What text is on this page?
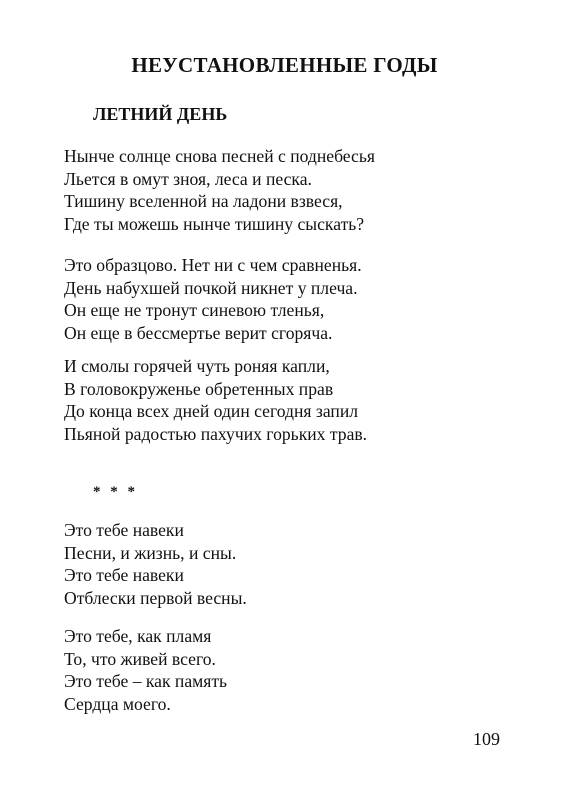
НЕУСТАНОВЛЕННЫЕ ГОДЫ
ЛЕТНИЙ ДЕНЬ
Нынче солнце снова песней с поднебесья
Льется в омут зноя, леса и песка.
Тишину вселенной на ладони взвеся,
Где ты можешь нынче тишину сыскать?
Это образцово. Нет ни с чем сравненья.
День набухшей почкой никнет у плеча.
Он еще не тронут синевою тленья,
Он еще в бессмертье верит сгоряча.
И смолы горячей чуть роняя капли,
В головокруженье обретенных прав
До конца всех дней один сегодня запил
Пьяной радостью пахучих горьких трав.

* * *

Это тебе навеки
Песни, и жизнь, и сны.
Это тебе навеки
Отблески первой весны.
Это тебе, как пламя
То, что живей всего.
Это тебе – как память
Сердца моего.

109
